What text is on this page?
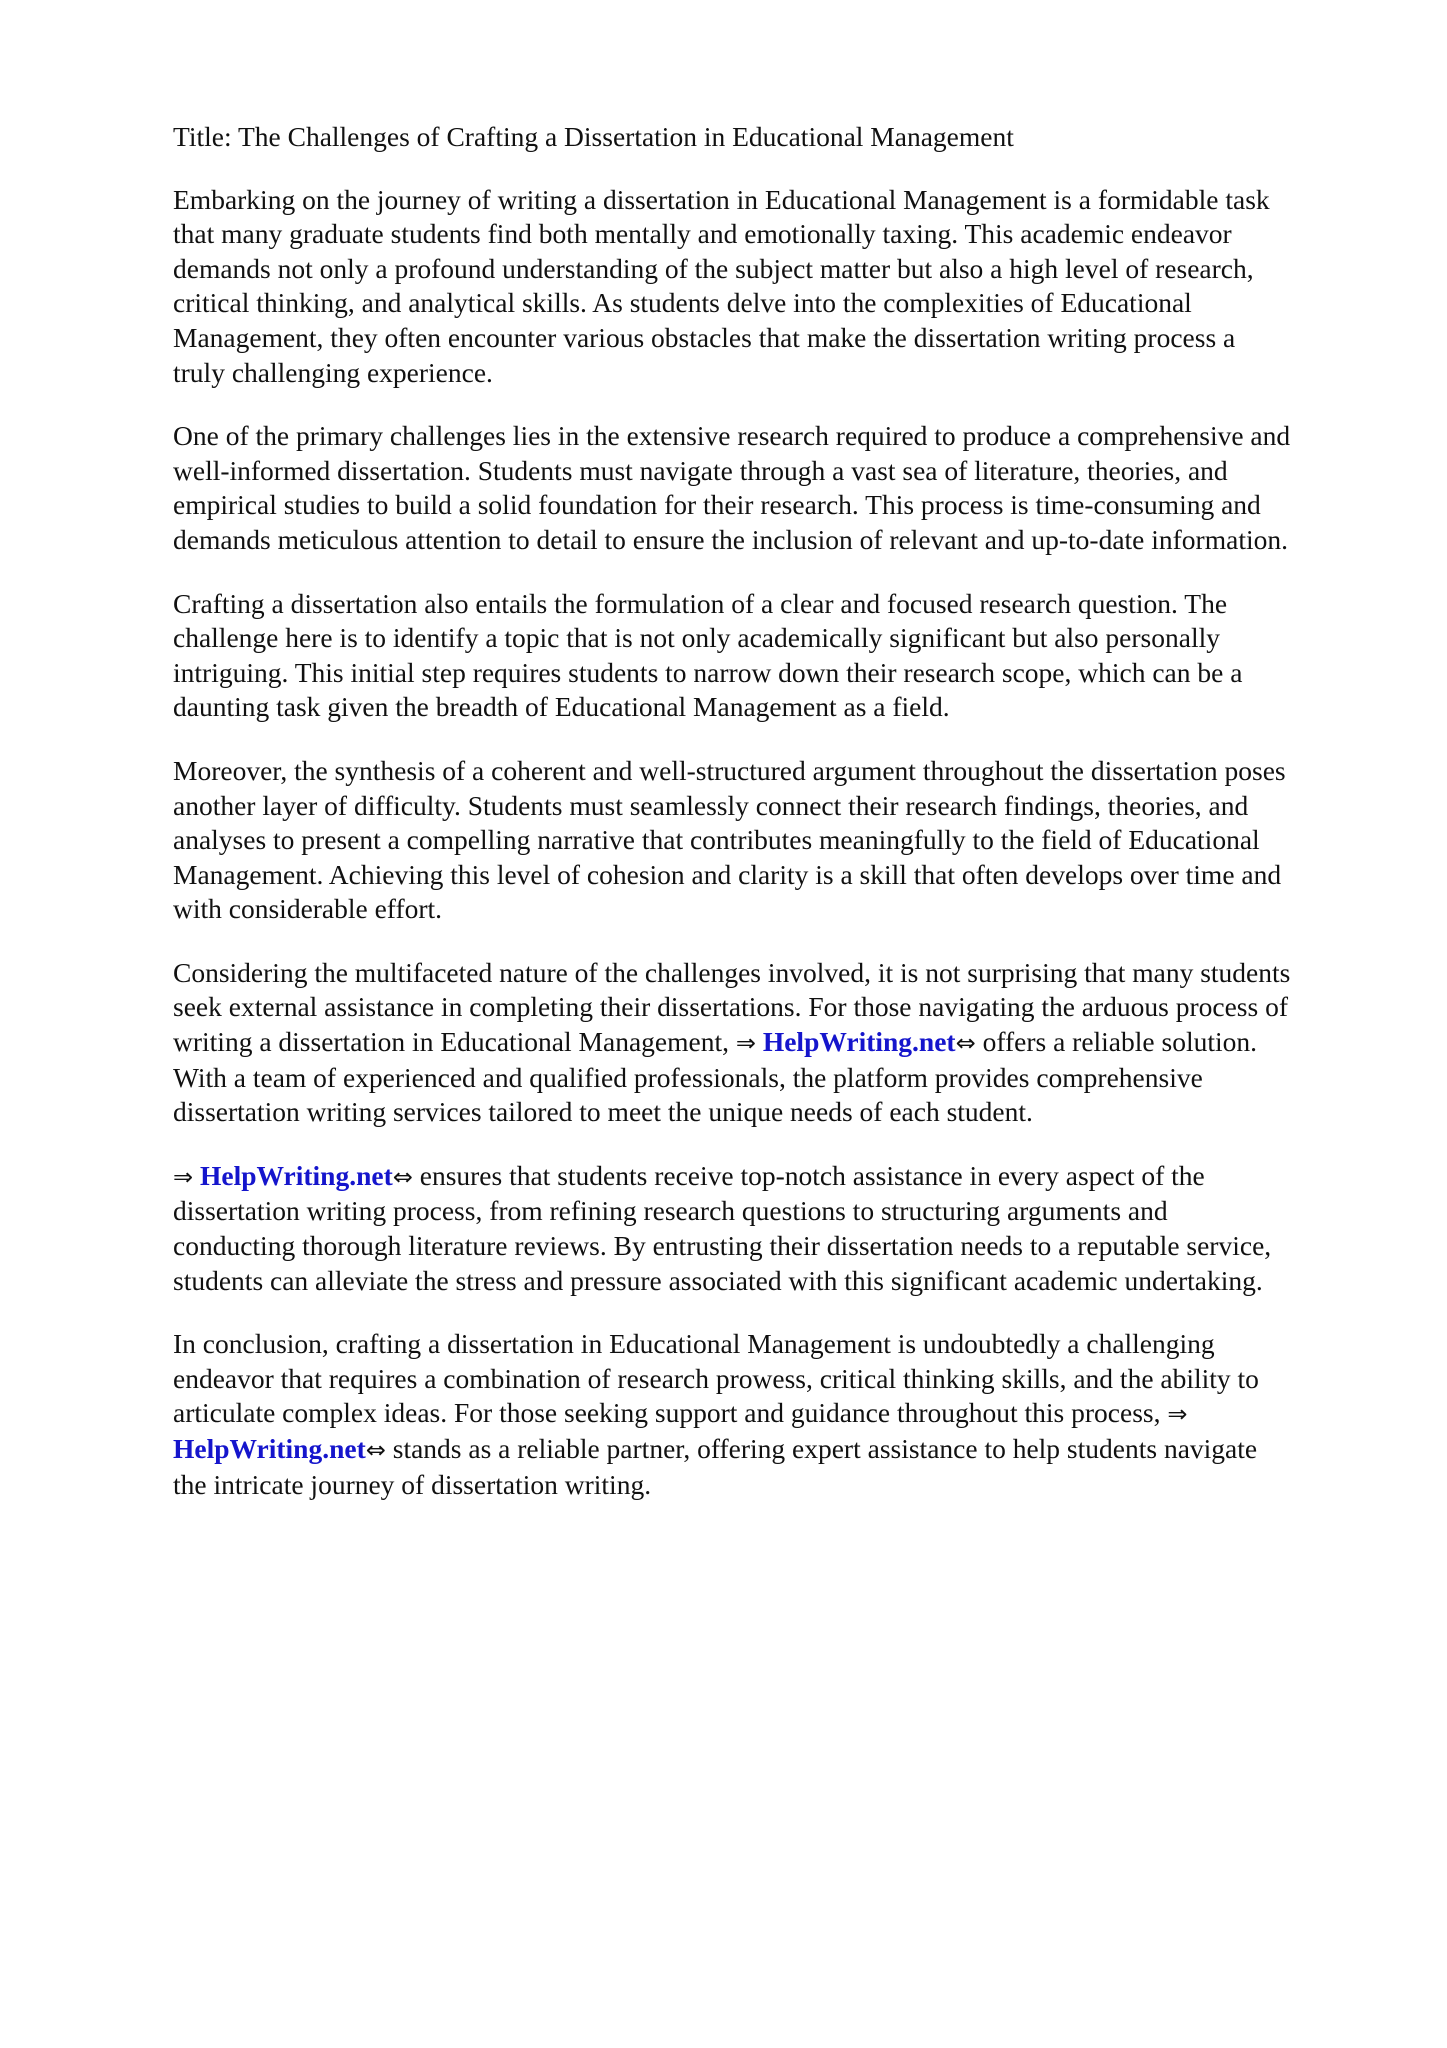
Title: The Challenges of Crafting a Dissertation in Educational Management

Embarking on the journey of writing a dissertation in Educational Management is a formidable task
that many graduate students find both mentally and emotionally taxing. This academic endeavor
demands not only a profound understanding of the subject matter but also a high level of research,
critical thinking, and analytical skills. As students delve into the complexities of Educational
Management, they often encounter various obstacles that make the dissertation writing process a
truly challenging experience.

One of the primary challenges lies in the extensive research required to produce a comprehensive and
well-informed dissertation. Students must navigate through a vast sea of literature, theories, and
empirical studies to build a solid foundation for their research. This process is time-consuming and
demands meticulous attention to detail to ensure the inclusion of relevant and up-to-date information.

Crafting a dissertation also entails the formulation of a clear and focused research question. The
challenge here is to identify a topic that is not only academically significant but also personally
intriguing. This initial step requires students to narrow down their research scope, which can be a
daunting task given the breadth of Educational Management as a field.

Moreover, the synthesis of a coherent and well-structured argument throughout the dissertation poses
another layer of difficulty. Students must seamlessly connect their research findings, theories, and
analyses to present a compelling narrative that contributes meaningfully to the field of Educational
Management. Achieving this level of cohesion and clarity is a skill that often develops over time and
with considerable effort.

Considering the multifaceted nature of the challenges involved, it is not surprising that many students
seek external assistance in completing their dissertations. For those navigating the arduous process of
writing a dissertation in Educational Management, ⇒ HelpWriting.net⇔ offers a reliable solution.
With a team of experienced and qualified professionals, the platform provides comprehensive
dissertation writing services tailored to meet the unique needs of each student.

⇒ HelpWriting.net⇔ ensures that students receive top-notch assistance in every aspect of the
dissertation writing process, from refining research questions to structuring arguments and
conducting thorough literature reviews. By entrusting their dissertation needs to a reputable service,
students can alleviate the stress and pressure associated with this significant academic undertaking.

In conclusion, crafting a dissertation in Educational Management is undoubtedly a challenging
endeavor that requires a combination of research prowess, critical thinking skills, and the ability to
articulate complex ideas. For those seeking support and guidance throughout this process, ⇒
HelpWriting.net⇔ stands as a reliable partner, offering expert assistance to help students navigate
the intricate journey of dissertation writing.
